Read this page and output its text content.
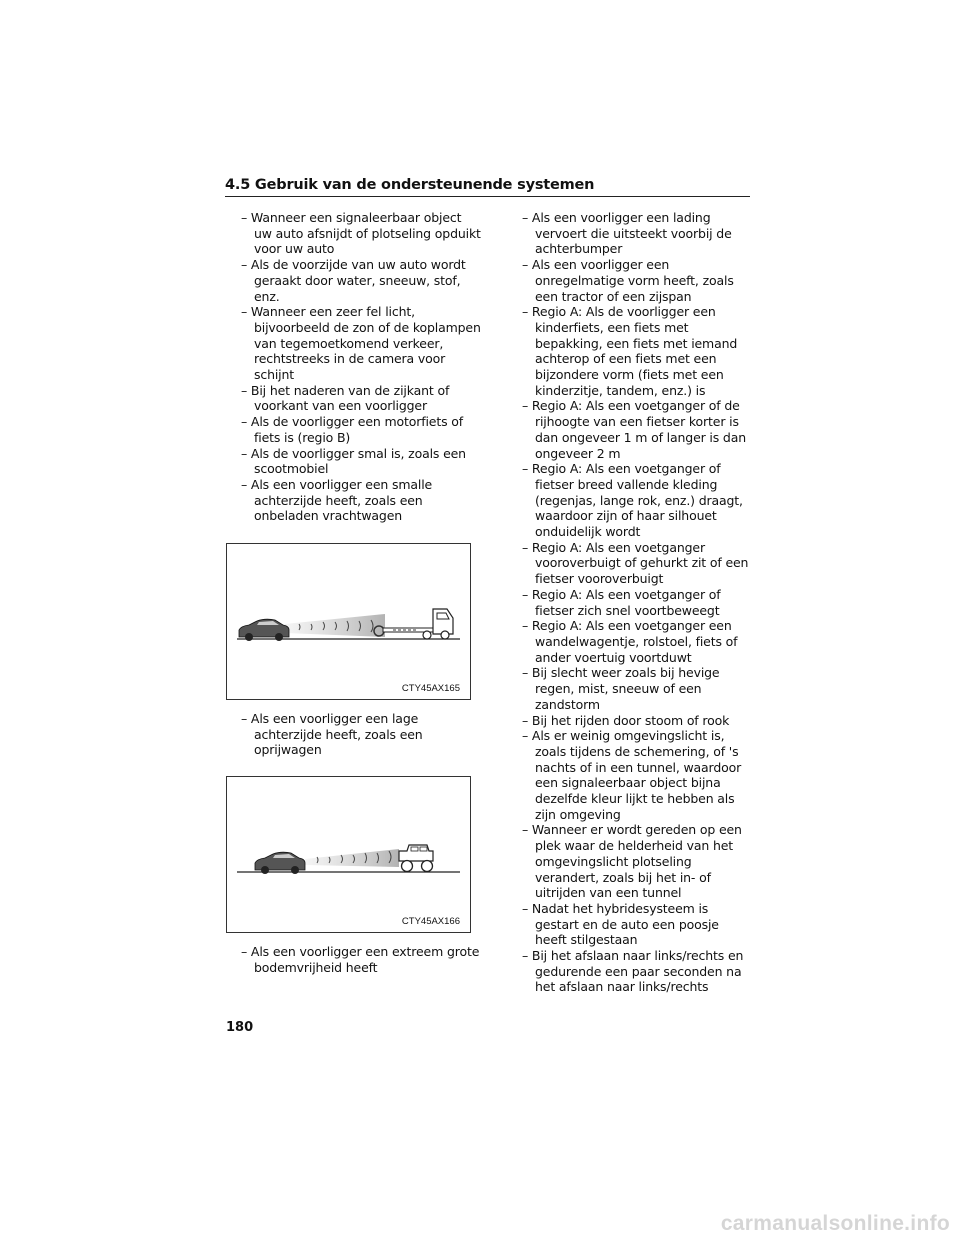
4.5 Gebruik van de ondersteunende systemen

– Wanneer een signaleerbaar object uw auto afsnijdt of plotseling opduikt voor uw auto

– Als de voorzijde van uw auto wordt geraakt door water, sneeuw, stof, enz.

– Wanneer een zeer fel licht, bijvoorbeeld de zon of de koplampen van tegemoetkomend verkeer, rechtstreeks in de camera voor schijnt

– Bij het naderen van de zijkant of voorkant van een voorligger

– Als de voorligger een motorfiets of fiets is (regio B)

– Als de voorligger smal is, zoals een scootmobiel

– Als een voorligger een smalle achterzijde heeft, zoals een onbeladen vrachtwagen

CTY45AX165

– Als een voorligger een lage achterzijde heeft, zoals een oprijwagen

CTY45AX166

– Als een voorligger een extreem grote bodemvrijheid heeft

– Als een voorligger een lading vervoert die uitsteekt voorbij de achterbumper

– Als een voorligger een onregelmatige vorm heeft, zoals een tractor of een zijspan

– Regio A: Als de voorligger een kinderfiets, een fiets met bepakking, een fiets met iemand achterop of een fiets met een bijzondere vorm (fiets met een kinderzitje, tandem, enz.) is

– Regio A: Als een voetganger of de rijhoogte van een fietser korter is dan ongeveer 1 m of langer is dan ongeveer 2 m

– Regio A: Als een voetganger of fietser breed vallende kleding (regenjas, lange rok, enz.) draagt, waardoor zijn of haar silhouet onduidelijk wordt

– Regio A: Als een voetganger vooroverbuigt of gehurkt zit of een fietser vooroverbuigt

– Regio A: Als een voetganger of fietser zich snel voortbeweegt

– Regio A: Als een voetganger een wandelwagentje, rolstoel, fiets of ander voertuig voortduwt

– Bij slecht weer zoals bij hevige regen, mist, sneeuw of een zandstorm

– Bij het rijden door stoom of rook

– Als er weinig omgevingslicht is, zoals tijdens de schemering, of 's nachts of in een tunnel, waardoor een signaleerbaar object bijna dezelfde kleur lijkt te hebben als zijn omgeving

– Wanneer er wordt gereden op een plek waar de helderheid van het omgevingslicht plotseling verandert, zoals bij het in- of uitrijden van een tunnel

– Nadat het hybridesysteem is gestart en de auto een poosje heeft stilgestaan

– Bij het afslaan naar links/rechts en gedurende een paar seconden na het afslaan naar links/rechts

180
carmanualsonline.info
